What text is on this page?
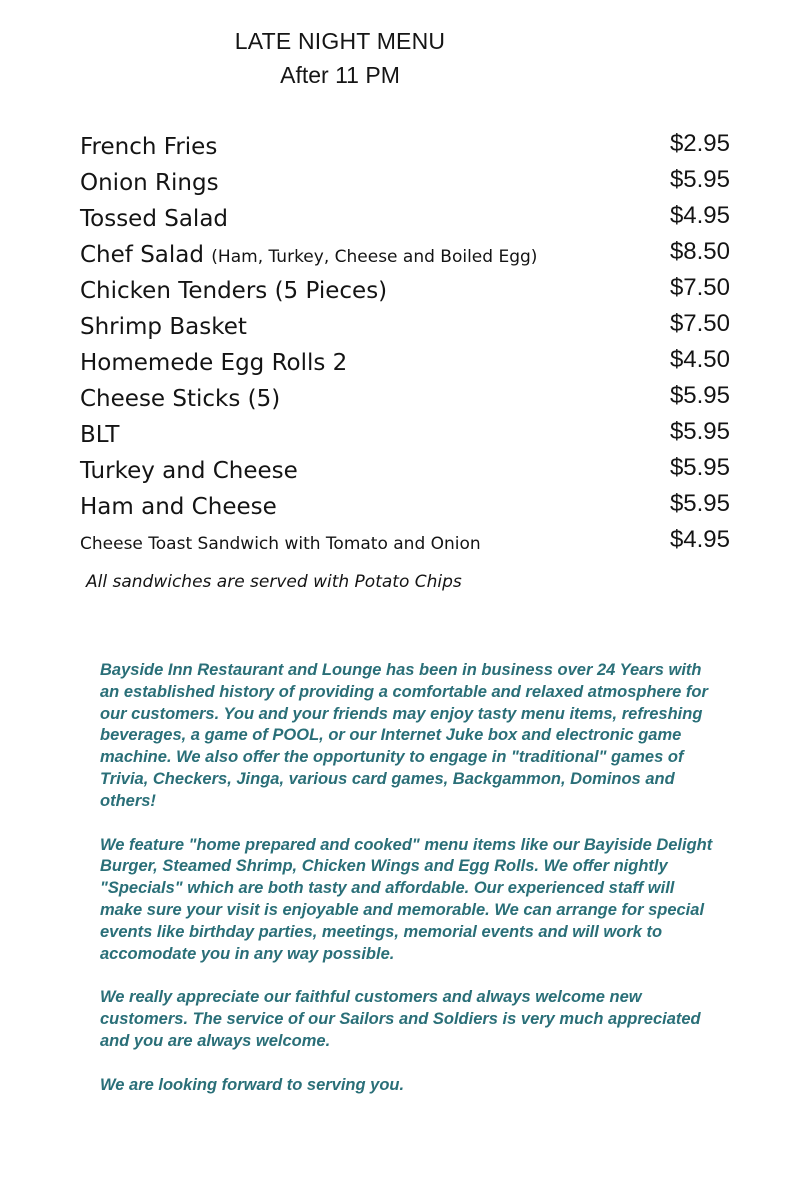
LATE NIGHT MENU
After 11 PM
French Fries	$2.95
Onion Rings	$5.95
Tossed Salad	$4.95
Chef Salad (Ham, Turkey, Cheese and Boiled Egg)	$8.50
Chicken Tenders (5 Pieces)	$7.50
Shrimp Basket	$7.50
Homemede Egg Rolls 2	$4.50
Cheese Sticks (5)	$5.95
BLT	$5.95
Turkey and Cheese	$5.95
Ham and Cheese	$5.95
Cheese Toast Sandwich with Tomato and Onion	$4.95
All sandwiches are served with Potato Chips

Bayside Inn Restaurant and Lounge has been in business over 24 Years with an established history of providing a comfortable and relaxed atmosphere for our customers. You and your friends may enjoy tasty menu items, refreshing beverages, a game of POOL, or our Internet Juke box and electronic game machine. We also offer the opportunity to engage in "traditional" games of Trivia, Checkers, Jinga, various card games, Backgammon, Dominos and others!

We feature "home prepared and cooked" menu items like our Bayiside Delight Burger, Steamed Shrimp, Chicken Wings and Egg Rolls. We offer nightly "Specials" which are both tasty and affordable. Our experienced staff will make sure your visit is enjoyable and memorable. We can arrange for special events like birthday parties, meetings, memorial events and will work to accomodate you in any way possible.

We really appreciate our faithful customers and always welcome new customers. The service of our Sailors and Soldiers is very much appreciated and you are always welcome.

We are looking forward to serving you.
